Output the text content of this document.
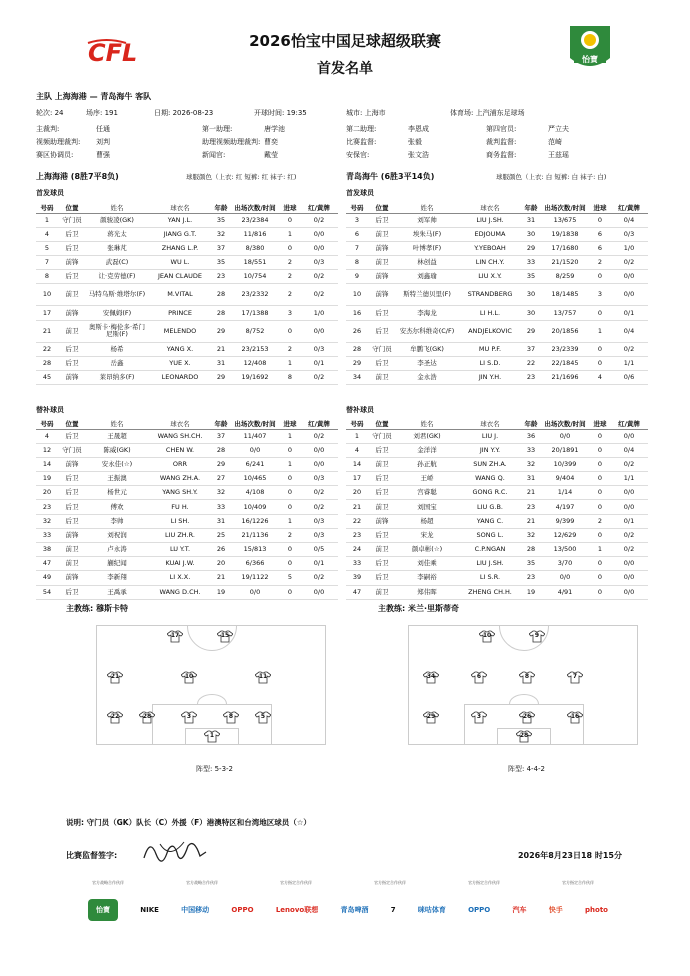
CFL	怡寶
2026怡宝中国足球超级联赛
首发名单
主队 上海海港 — 青岛海牛 客队
轮次: 24	场序: 191	日期: 2026-08-23	开球时间: 19:35	城市: 上海市	体育场: 上汽浦东足球场
主裁判:	任通	第一助理:	唐学池	第二助理:	李恩成	第四官员:	严立夫
视频助理裁判: 刘判	助理视频助理裁判: 曹奕	比赛监督:	张毅	裁判监督:	范崎
赛区协调员:	曹强	新闻官:	戴莹	安保官:	张文浩	商务监督:	王兹瑶
上海海港 (8胜7平8负)	球服颜色（上衣: 红 短裤: 红 袜子: 红)	青岛海牛 (6胜3平14负)	球服颜色（上衣: 白 短裤: 白 袜子: 白)
首发球员	首发球员
号码	位置	姓名	球衣名	年龄	出场次数/时间	进球	红/黄牌
1	守门员	颜骏凌(GK)	YAN J.L.	35	23/2384	0	0/2
4	后卫	蒋光太	JIANG G.T.	32	11/816	1	0/0
5	后卫	张琳芃	ZHANG L.P.	37	8/380	0	0/0
7	前锋	武磊(C)	WU L.	35	18/551	2	0/3
8	后卫	让·克劳德(F)	JEAN CLAUDE	23	10/754	2	0/2
10	前卫	马特乌斯·维塔尔(F)	M.VITAL	28	23/2332	2	0/2
17	前锋	安佩姆(F)	PRINCE	28	17/1388	3	1/0
21	前卫	奥斯卡·梅伦多·希门尼斯(F)	MELENDO	29	8/752	0	0/0
22	后卫	杨希	YANG X.	21	23/2153	2	0/3
28	后卫	岳鑫	YUE X.	31	12/408	1	0/1
45	前锋	莱昂纳多(F)	LEONARDO	29	19/1692	8	0/2
号码	位置	姓名	球衣名	年龄	出场次数/时间	进球	红/黄牌
3	后卫	刘军帅	LIU J.SH.	31	13/675	0	0/4
6	前卫	埃朱马(F)	EDJOUMA	30	19/1838	6	0/3
7	前锋	叶博孝(F)	Y.YEBOAH	29	17/1680	6	1/0
8	前卫	林创益	LIN CH.Y.	33	21/1520	2	0/2
9	前锋	刘鑫瑜	LIU X.Y.	35	8/259	0	0/0
10	前锋	斯特兰德贝里(F)	STRANDBERG	30	18/1485	3	0/0
16	后卫	李海龙	LI H.L.	30	13/757	0	0/1
26	后卫	安杰尔科维奇(C/F)	ANDJELKOVIC	29	20/1856	1	0/4
28	守门员	牟鹏飞(GK)	MU P.F.	37	23/2339	0	0/2
29	后卫	李圣达	LI S.D.	22	22/1845	0	1/1
34	前卫	金永浩	JIN Y.H.	23	21/1696	4	0/6
替补球员	替补球员
号码	位置	姓名	球衣名	年龄	出场次数/时间	进球	红/黄牌
4	后卫	王晟超	WANG SH.CH.	37	11/407	1	0/2
12	守门员	陈威(GK)	CHEN W.	28	0/0	0	0/0
14	前锋	安永佳(☆)	ORR	29	6/241	1	0/0
19	后卫	王振澳	WANG ZH.A.	27	10/465	0	0/3
20	后卫	杨世元	YANG SH.Y.	32	4/108	0	0/2
23	后卫	傅欢	FU H.	33	10/409	0	0/2
32	后卫	李帅	LI SH.	31	16/1226	1	0/3
33	前锋	刘祝润	LIU ZH.R.	25	21/1136	2	0/3
38	前卫	卢永涛	LU Y.T.	26	15/813	0	0/5
47	前卫	蒯纪闻	KUAI J.W.	20	6/366	0	0/1
49	前锋	李新翔	LI X.X.	21	19/1122	5	0/2
54	后卫	王禹承	WANG D.CH.	19	0/0	0	0/0
号码	位置	姓名	球衣名	年龄	出场次数/时间	进球	红/黄牌
1	守门员	刘君(GK)	LIU J.	36	0/0	0	0/0
4	后卫	金洋洋	JIN Y.Y.	33	20/1891	0	0/4
14	前卫	孙正航	SUN ZH.A.	32	10/399	0	0/2
17	后卫	王峤	WANG Q.	31	9/404	0	1/1
20	后卫	宫睿聪	GONG R.C.	21	1/14	0	0/0
21	前卫	刘国宝	LIU G.B.	23	4/197	0	0/0
22	前锋	杨超	YANG C.	21	9/399	2	0/1
23	后卫	宋龙	SONG L.	32	12/629	0	0/2
24	前卫	颜卓彬(☆)	C.P.NGAN	28	13/500	1	0/2
33	后卫	刘佳乘	LIU J.SH.	35	3/70	0	0/0
39	后卫	李嗣裕	LI S.R.	23	0/0	0	0/0
47	前卫	郑伟晖	ZHENG CH.H.	19	4/91	0	0/0
主教练: 穆斯卡特	主教练: 米兰·里斯蒂奇
17	15
21	10	11
22	28	3	8	5
1
10	9
34	6	8	7
29	3	26	16
28
阵型: 5-3-2	阵型: 4-4-2
说明: 守门员（GK）队长（C）外援（F）港澳特区和台湾地区球员（☆）
比赛监督签字:	2026年8月23日18 时15分
官方战略合作伙伴	官方战略合作伙伴	官方指定合作伙伴	官方指定合作伙伴	官方指定合作伙伴	官方指定合作伙伴
怡寶	NIKE	中国移动	OPPO	Lenovo联想	青岛啤酒	7	咪咕体育	OPPO	汽车	快手	photo
